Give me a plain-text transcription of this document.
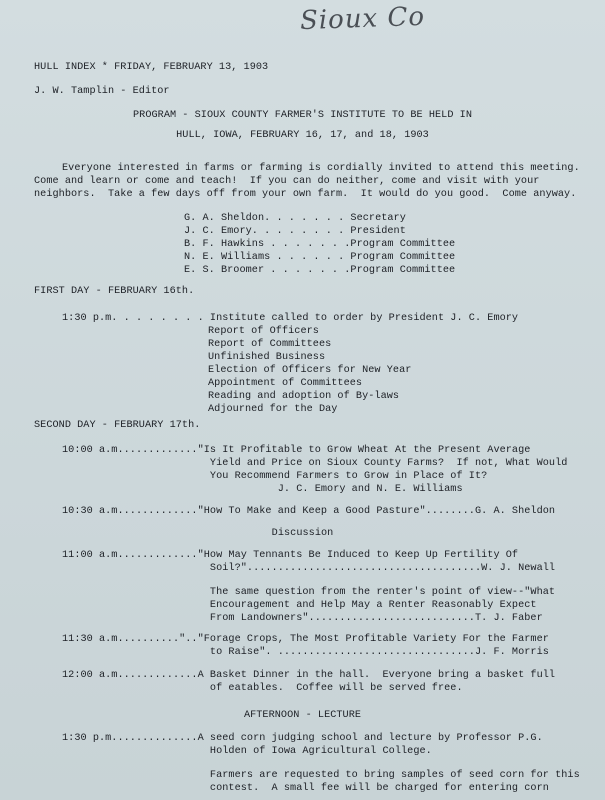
Sioux Co
HULL INDEX * FRIDAY, FEBRUARY 13, 1903
J. W. Tamplin - Editor
PROGRAM - SIOUX COUNTY FARMER'S INSTITUTE TO BE HELD IN
HULL, IOWA, FEBRUARY 16, 17, and 18, 1903
Everyone interested in farms or farming is cordially invited to attend this meeting.
Come and learn or come and teach!  If you can do neither, come and visit with your
neighbors.  Take a few days off from your own farm.  It would do you good.  Come anyway.
G. A. Sheldon. . . . . . . Secretary
J. C. Emory. . . . . . . . President
B. F. Hawkins . . . . . . .Program Committee
N. E. Williams . . . . . . Program Committee
E. S. Broomer . . . . . . .Program Committee
FIRST DAY - FEBRUARY 16th.
1:30 p.m. . . . . . . . Institute called to order by President J. C. Emory
Report of Officers
Report of Committees
Unfinished Business
Election of Officers for New Year
Appointment of Committees
Reading and adoption of By-laws
Adjourned for the Day
SECOND DAY - FEBRUARY 17th.
10:00 a.m............."Is It Profitable to Grow Wheat At the Present Average
Yield and Price on Sioux County Farms?  If not, What Would
You Recommend Farmers to Grow in Place of It?
J. C. Emory and N. E. Williams
10:30 a.m............."How To Make and Keep a Good Pasture"........G. A. Sheldon
Discussion
11:00 a.m............."How May Tennants Be Induced to Keep Up Fertility Of
Soil?"......................................W. J. Newall
The same question from the renter's point of view--"What
Encouragement and Help May a Renter Reasonably Expect
From Landowners"...........................T. J. Faber
11:30 a.m..........".."Forage Crops, The Most Profitable Variety For the Farmer
to Raise". ................................J. F. Morris
12:00 a.m.............A Basket Dinner in the hall.  Everyone bring a basket full
of eatables.  Coffee will be served free.
AFTERNOON - LECTURE
1:30 p.m..............A seed corn judging school and lecture by Professor P.G.
Holden of Iowa Agricultural College.
Farmers are requested to bring samples of seed corn for this
contest.  A small fee will be charged for entering corn
